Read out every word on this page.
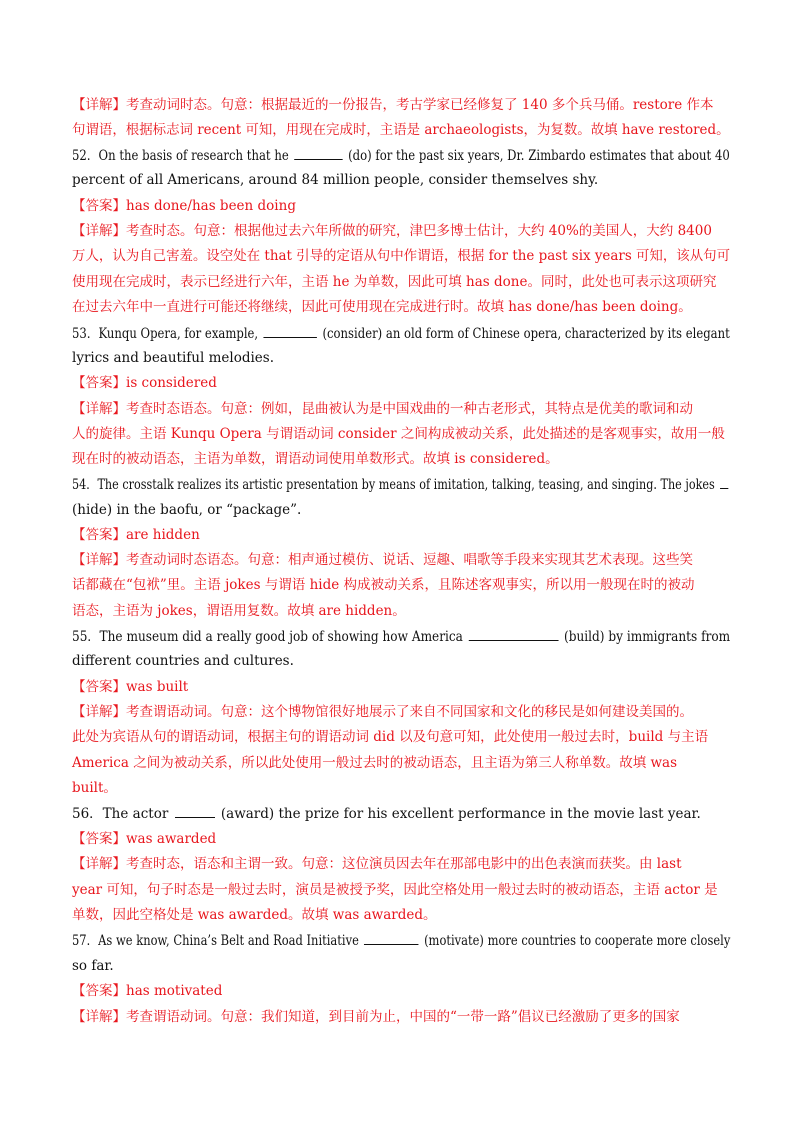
【详解】考查动词时态。句意：根据最近的一份报告，考古学家已经修复了 140 多个兵马俑。restore 作本
句谓语，根据标志词 recent 可知，用现在完成时，主语是 archaeologists，为复数。故填 have restored。
52．On the basis of research that he	(do) for the past six years, Dr. Zimbardo estimates that about 40
percent of all Americans, around 84 million people, consider themselves shy.
【答案】has done/has been doing
【详解】考查时态。句意：根据他过去六年所做的研究，津巴多博士估计，大约 40%的美国人，大约 8400
万人，认为自己害羞。设空处在 that 引导的定语从句中作谓语，根据 for the past six years 可知，该从句可
使用现在完成时，表示已经进行六年，主语 he 为单数，因此可填 has done。同时，此处也可表示这项研究
在过去六年中一直进行可能还将继续，因此可使用现在完成进行时。故填 has done/has been doing。
53．Kunqu Opera, for example,	(consider) an old form of Chinese opera, characterized by its elegant
lyrics and beautiful melodies.
【答案】is considered
【详解】考查时态语态。句意：例如，昆曲被认为是中国戏曲的一种古老形式，其特点是优美的歌词和动
人的旋律。主语 Kunqu Opera 与谓语动词 consider 之间构成被动关系，此处描述的是客观事实，故用一般
现在时的被动语态，主语为单数，谓语动词使用单数形式。故填 is considered。
54．The crosstalk realizes its artistic presentation by means of imitation, talking, teasing, and singing. The jokes
(hide) in the baofu, or “package”.
【答案】are hidden
【详解】考查动词时态语态。句意：相声通过模仿、说话、逗趣、唱歌等手段来实现其艺术表现。这些笑
话都藏在“包袱”里。主语 jokes 与谓语 hide 构成被动关系，且陈述客观事实，所以用一般现在时的被动
语态，主语为 jokes，谓语用复数。故填 are hidden。
55．The museum did a really good job of showing how America	(build) by immigrants from
different countries and cultures.
【答案】was built
【详解】考查谓语动词。句意：这个博物馆很好地展示了来自不同国家和文化的移民是如何建设美国的。
此处为宾语从句的谓语动词，根据主句的谓语动词 did 以及句意可知，此处使用一般过去时，build 与主语
America 之间为被动关系，所以此处使用一般过去时的被动语态，且主语为第三人称单数。故填 was
built。
56．The actor	(award) the prize for his excellent performance in the movie last year.
【答案】was awarded
【详解】考查时态，语态和主谓一致。句意：这位演员因去年在那部电影中的出色表演而获奖。由 last
year 可知，句子时态是一般过去时，演员是被授予奖，因此空格处用一般过去时的被动语态，主语 actor 是
单数，因此空格处是 was awarded。故填 was awarded。
57．As we know, China’s Belt and Road Initiative	(motivate) more countries to cooperate more closely
so far.
【答案】has motivated
【详解】考查谓语动词。句意：我们知道，到目前为止，中国的“一带一路”倡议已经激励了更多的国家
